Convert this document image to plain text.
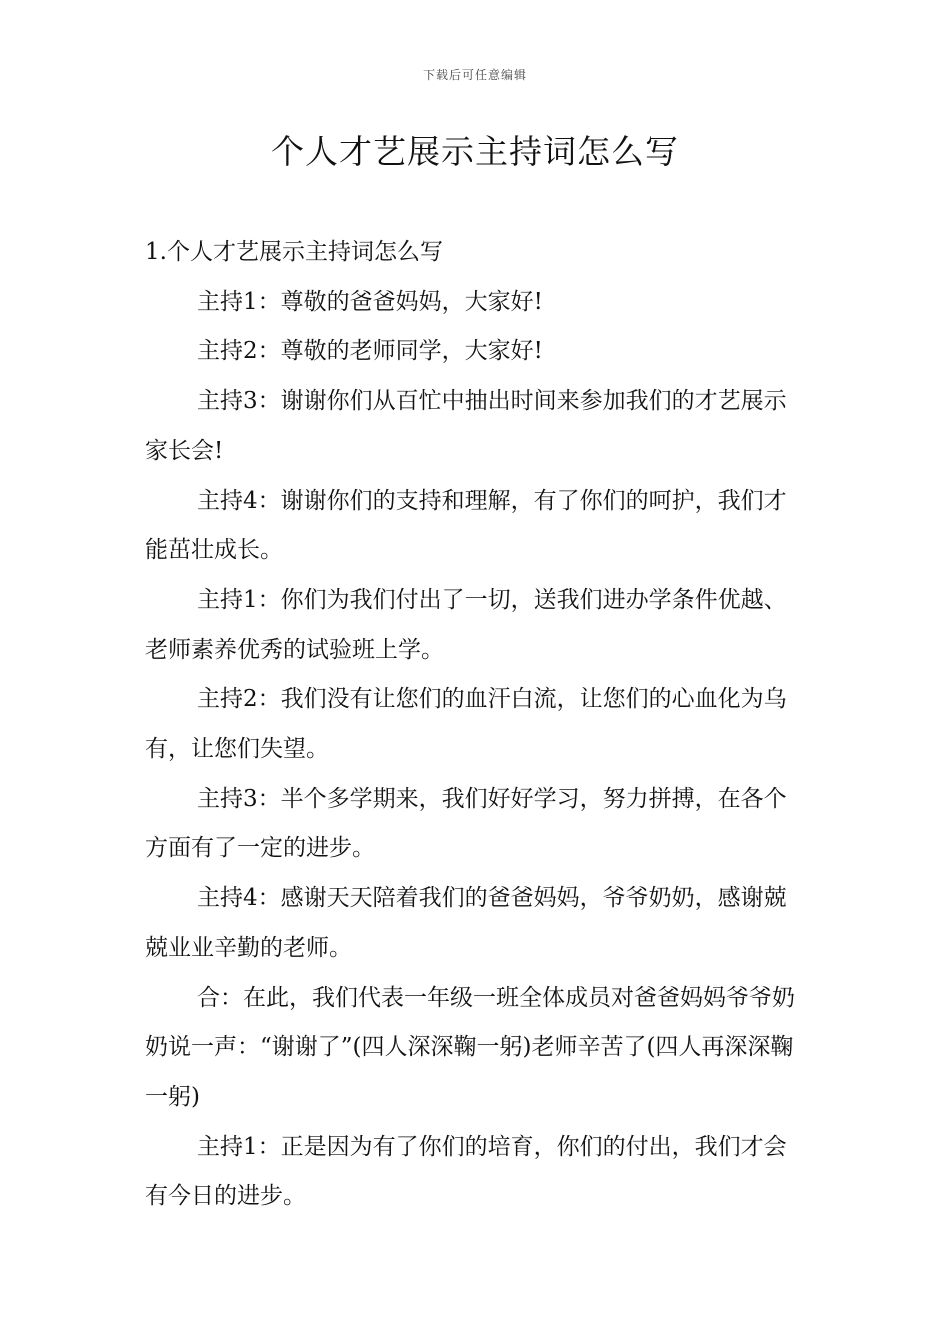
下载后可任意编辑
个人才艺展示主持词怎么写

1.个人才艺展示主持词怎么写

主持1：尊敬的爸爸妈妈，大家好!

主持2：尊敬的老师同学，大家好!

主持3：谢谢你们从百忙中抽出时间来参加我们的才艺展示家长会!

主持4：谢谢你们的支持和理解，有了你们的呵护，我们才能茁壮成长。

主持1：你们为我们付出了一切，送我们进办学条件优越、老师素养优秀的试验班上学。

主持2：我们没有让您们的血汗白流，让您们的心血化为乌有，让您们失望。

主持3：半个多学期来，我们好好学习，努力拼搏，在各个方面有了一定的进步。

主持4：感谢天天陪着我们的爸爸妈妈，爷爷奶奶，感谢兢兢业业辛勤的老师。

合：在此，我们代表一年级一班全体成员对爸爸妈妈爷爷奶奶说一声：“谢谢了”(四人深深鞠一躬)老师辛苦了(四人再深深鞠一躬)

主持1：正是因为有了你们的培育，你们的付出，我们才会有今日的进步。
